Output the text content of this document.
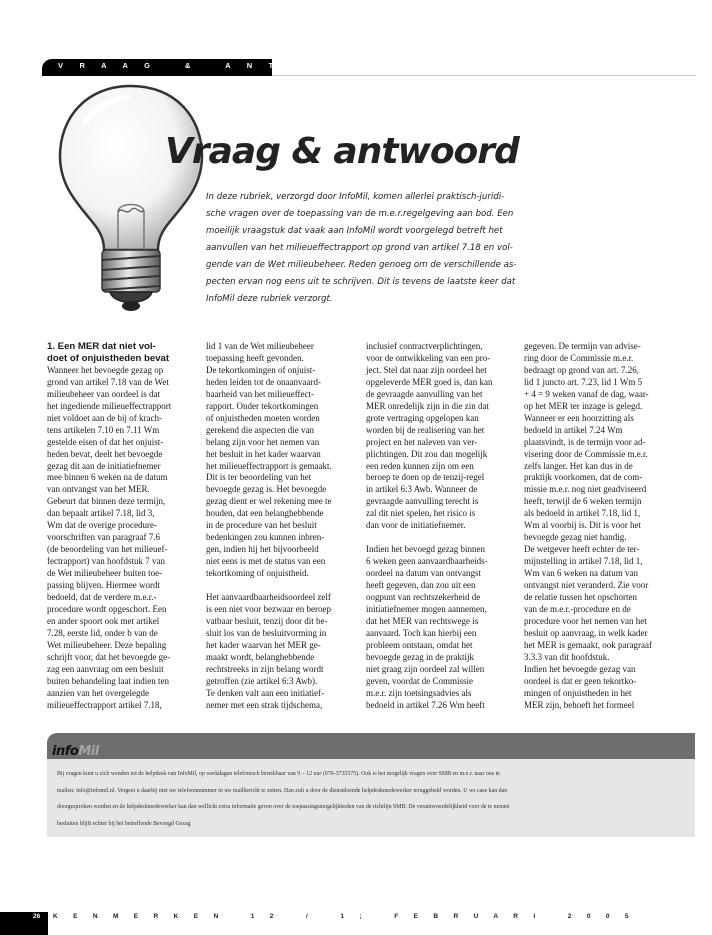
V R A A G   &   A N T W O O R D
Vraag & antwoord
In deze rubriek, verzorgd door InfoMil, komen allerlei praktisch-juridi-
sche vragen over de toepassing van de m.e.r.regelgeving aan bod. Een
moeilijk vraagstuk dat vaak aan InfoMil wordt voorgelegd betreft het
aanvullen van het milieueffectrapport op grond van artikel 7.18 en vol-
gende van de Wet milieubeheer. Reden genoeg om de verschillende as-
pecten ervan nog eens uit te schrijven. Dit is tevens de laatste keer dat
InfoMil deze rubriek verzorgt.
1. Een MER dat niet vol-
doet of onjuistheden bevat
Wanneer het bevoegde gezag op
grond van artikel 7.18 van de Wet
milieubeheer van oordeel is dat
het ingediende milieueffectrapport
niet voldoet aan de bij of krach-
tens artikelen 7.10 en 7.11 Wm
gestelde eisen of dat het onjuist-
heden bevat, deelt het bevoegde
gezag dit aan de initiatiefnemer
mee binnen 6 weken na de datum
van ontvangst van het MER.
Gebeurt dat binnen deze termijn,
dan bepaalt artikel 7.18, lid 3,
Wm dat de overige procedure-
voorschriften van paragraaf 7.6
(de beoordeling van het milieuef-
fectrapport) van hoofdstuk 7 van
de Wet milieubeheer buiten toe-
passing blijven. Hiermee wordt
bedoeld, dat de verdere m.e.r.-
procedure wordt opgeschort. Een
en ander spoort ook met artikel
7.28, eerste lid, onder b van de
Wet milieubeheer. Deze bepaling
schrijft voor, dat het bevoegde ge-
zag een aanvraag om een besluit
buiten behandeling laat indien ten
aanzien van het overgelegde
milieueffectrapport artikel 7.18,
lid 1 van de Wet milieubeheer
toepassing heeft gevonden.
De tekortkomingen of onjuist-
heden leiden tot de onaanvaard-
baarheid van het milieueffect-
rapport. Onder tekortkomingen
of onjuistheden moeten worden
gerekend die aspecten die van
belang zijn voor het nemen van
het besluit in het kader waarvan
het milieueffectrapport is gemaakt.
Dit is ter beoordeling van het
bevoegde gezag is. Het bevoegde
gezag dient er wel rekening mee te
houden, dat een belanghebbende
in de procedure van het besluit
bedenkingen zou kunnen inbren-
gen, indien hij het bijvoorbeeld
niet eens is met de status van een
tekortkoming of onjuistheid.
Het aanvaardbaarheidsoordeel zelf
is een niet voor bezwaar en beroep
vatbaar besluit, tenzij door dit be-
sluit los van de besluitvorming in
het kader waarvan het MER ge-
maakt wordt, belanghebbende
rechtstreeks in zijn belang wordt
getroffen (zie artikel 6:3 Awb).
Te denken valt aan een initiatief-
nemer met een strak tijdschema,
inclusief contractverplichtingen,
voor de ontwikkeling van een pro-
ject. Stel dat naar zijn oordeel het
opgeleverde MER goed is, dan kan
de gevraagde aanvulling van het
MER onredelijk zijn in die zin dat
grote vertraging opgelopen kan
worden bij de realisering van het
project en het naleven van ver-
plichtingen. Dit zou dan mogelijk
een reden kunnen zijn om een
beroep te doen op de tenzij-regel
in artikel 6:3 Awb. Wanneer de
gevraagde aanvulling terecht is
zal dit niet spelen, het risico is
dan voor de initiatiefnemer.
Indien het bevoegd gezag binnen
6 weken geen aanvaardbaarheids-
oordeel na datum van ontvangst
heeft gegeven, dan zou uit een
oogpunt van rechtszekerheid de
initiatiefnemer mogen aannemen,
dat het MER van rechtswege is
aanvaard. Toch kan hierbij een
probleem ontstaan, omdat het
bevoegde gezag in de praktijk
niet graag zijn oordeel zal willen
geven, voordat de Commissie
m.e.r. zijn toetsingsadvies als
bedoeld in artikel 7.26 Wm heeft
gegeven. De termijn van advise-
ring door de Commissie m.e.r.
bedraagt op grond van art. 7.26,
lid 1 juncto art. 7.23, lid 1 Wm 5
+ 4 = 9 weken vanaf de dag, waar-
op het MER ter inzage is gelegd.
Wanneer er een hoorzitting als
bedoeld in artikel 7.24 Wm
plaatsvindt, is de termijn voor ad-
visering door de Commissie m.e.r.
zelfs langer. Het kan dus in de
praktijk voorkomen, dat de com-
missie m.e.r. nog niet geadviseerd
heeft, terwijl de 6 weken termijn
als bedoeld in artikel 7.18, lid 1,
Wm al voorbij is. Dit is voor het
bevoegde gezag niet handig.
De wetgever heeft echter de ter-
mijnstelling in artikel 7.18, lid 1,
Wm van 6 weken na datum van
ontvangst niet veranderd. Zie voor
de relatie tussen het opschorten
van de m.e.r.-procedure en de
procedure voor het nemen van het
besluit op aanvraag, in welk kader
het MER is gemaakt, ook paragraaf
3.3.3 van dit hoofdstuk.
Indien het bevoegde gezag van
oordeel is dat er geen tekortko-
mingen of onjuistheden in het
MER zijn, behoeft het formeel
infoMil
Bij vragen kunt u zich wenden tot de helpdesk van InfoMil, op werkdagen telefonisch bereikbaar van 9 – 12 uur (070-3735575). Ook is het mogelijk vragen over SMB en m.e.r. naar ons te
mailen: info@infomil.nl. Vergeet u daarbij niet uw telefoonnummer in uw mailbericht te zetten. Dan zult u door de dienstdoende helpdeskmedewerker teruggebeld worden. U ws case kan dan
doorgesproken worden en de helpdeskmedewerker kan dan wellicht extra informatie geven over de toepassingsmogelijkheden van de richtlijn SMB. De verantwoordelijkheid voor de te nemen
besluiten blijft echter bij het betreffende Bevoegd Gezag
26 K E N M E R K E N   1 2   /   1 ;   F E B R U A R I   2 0 0 5
